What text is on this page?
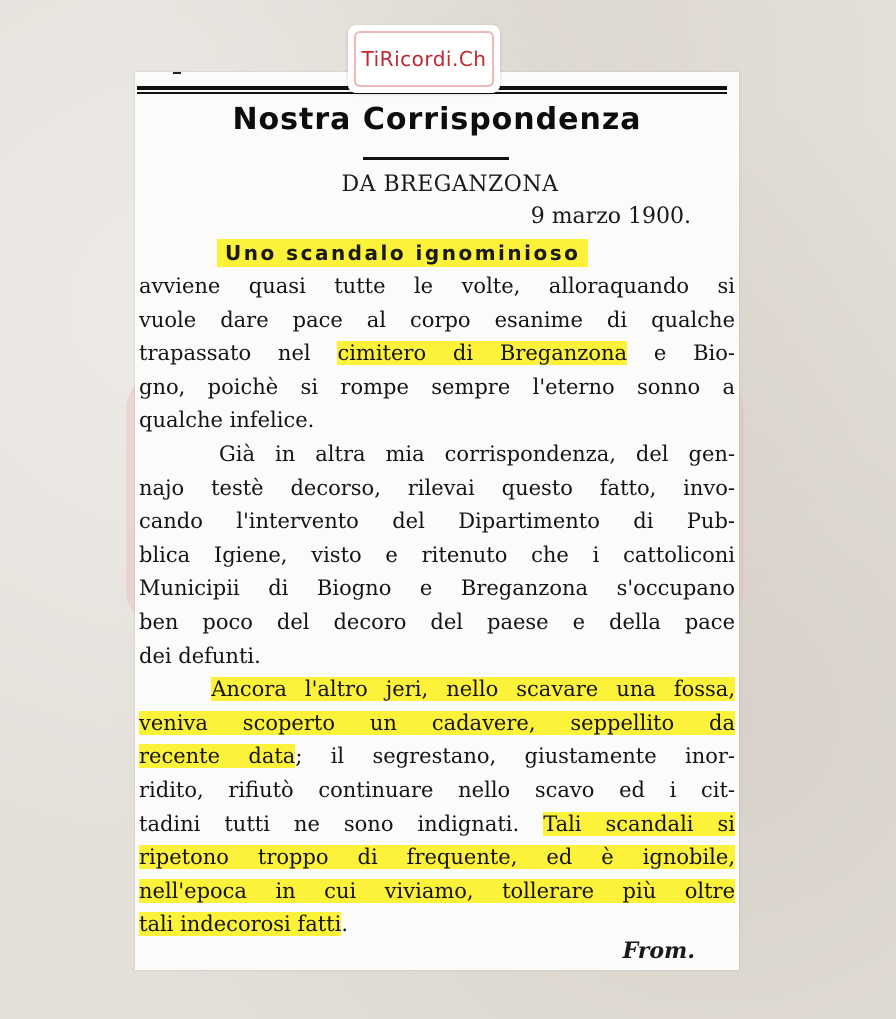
Nostra Corrispondenza
DA BREGANZONA
9 marzo 1900.
Uno scandalo ignominioso
avviene quasi tutte le volte, alloraquando si
vuole dare pace al corpo esanime di qualche
trapassato nel cimitero di Breganzona e Bio-
gno, poichè si rompe sempre l'eterno sonno a
qualche infelice.
Già in altra mia corrispondenza, del gen-
najo testè decorso, rilevai questo fatto, invo-
cando l'intervento del Dipartimento di Pub-
blica Igiene, visto e ritenuto che i cattoliconi
Municipii di Biogno e Breganzona s'occupano
ben poco del decoro del paese e della pace
dei defunti.
Ancora l'altro jeri, nello scavare una fossa,
veniva scoperto un cadavere, seppellito da
recente data; il segrestano, giustamente inor-
ridito, rifiutò continuare nello scavo ed i cit-
tadini tutti ne sono indignati. Tali scandali si
ripetono troppo di frequente, ed è ignobile,
nell'epoca in cui viviamo, tollerare più oltre
tali indecorosi fatti.
From.
TiRicordi.Ch
